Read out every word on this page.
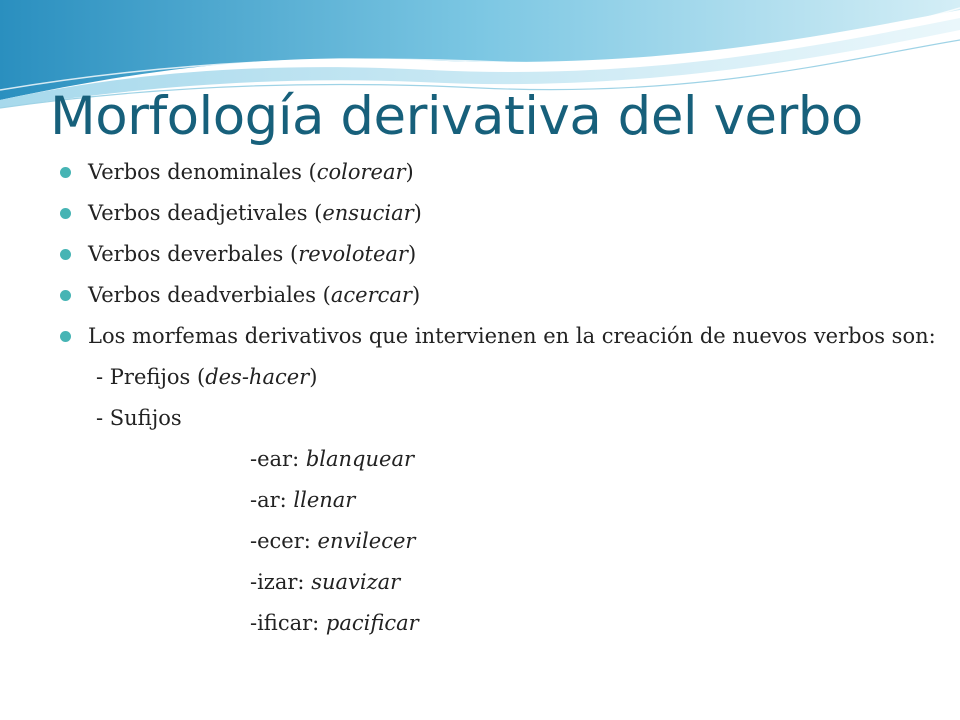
Morfología derivativa del verbo
Verbos denominales (colorear)
Verbos deadjetivales (ensuciar)
Verbos deverbales (revolotear)
Verbos deadverbiales (acercar)
Los morfemas derivativos que intervienen en la creación de nuevos verbos son:
- Prefijos (des-hacer)
- Sufijos
-ear: blanquear
-ar: llenar
-ecer: envilecer
-izar: suavizar
-ificar: pacificar
